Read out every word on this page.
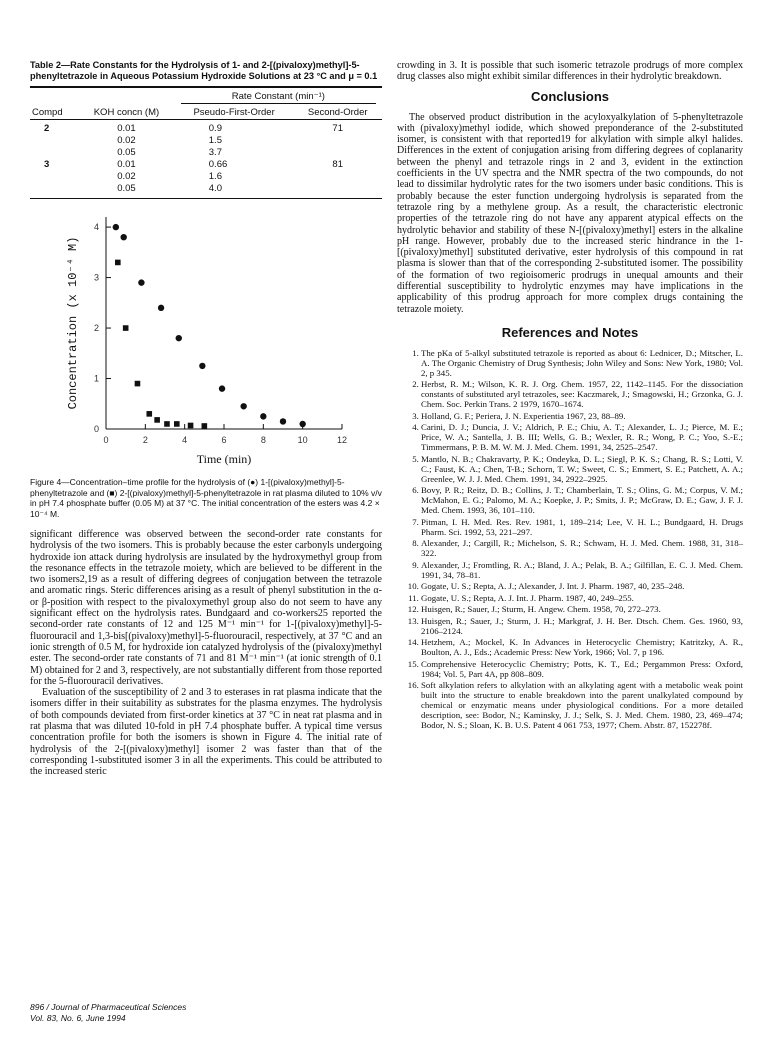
Table 2—Rate Constants for the Hydrolysis of 1- and 2-[(pivaloxy)methyl]-5-phenyltetrazole in Aqueous Potassium Hydroxide Solutions at 23 °C and μ = 0.1
		Rate Constant (min⁻¹)	

Compd	KOH concn (M)	Pseudo-First-Order	Second-Order

2	0.01	0.9	71
	0.02	1.5	
	0.05	3.7	
3	0.01	0.66	81
	0.02	1.6	
	0.05	4.0	

0	2	4	6	8	10	12
0
1
2
3
4
Time (min)
Concentration (x 10⁻⁴ M)
Figure 4—Concentration–time profile for the hydrolysis of (●) 1-[(pivaloxy)methyl]-5-phenyltetrazole and (■) 2-[(pivaloxy)methyl]-5-phenyltetrazole in rat plasma diluted to 10% v/v in pH 7.4 phosphate buffer (0.05 M) at 37 °C. The initial concentration of the esters was 4.2 × 10⁻⁴ M.

significant difference was observed between the second-order rate constants for hydrolysis of the two isomers. This is probably because the ester carbonyls undergoing hydroxide ion attack during hydrolysis are insulated by the hydroxymethyl group from the resonance effects in the tetrazole moiety, which are believed to be different in the two isomers2,19 as a result of differing degrees of conjugation between the tetrazole and aromatic rings. Steric differences arising as a result of phenyl substitution in the α- or β-position with respect to the pivaloxymethyl group also do not seem to have any significant effect on the hydrolysis rates. Bundgaard and co-workers25 reported the second-order rate constants of 12 and 125 M⁻¹ min⁻¹ for 1-[(pivaloxy)methyl]-5-fluorouracil and 1,3-bis[(pivaloxy)methyl]-5-fluorouracil, respectively, at 37 °C and an ionic strength of 0.5 M, for hydroxide ion catalyzed hydrolysis of the (pivaloxy)methyl ester. The second-order rate constants of 71 and 81 M⁻¹ min⁻¹ (at ionic strength of 0.1 M) obtained for 2 and 3, respectively, are not substantially different from those reported for the 5-fluorouracil derivatives.

Evaluation of the susceptibility of 2 and 3 to esterases in rat plasma indicate that the isomers differ in their suitability as substrates for the plasma enzymes. The hydrolysis of both compounds deviated from first-order kinetics at 37 °C in neat rat plasma and in rat plasma that was diluted 10-fold in pH 7.4 phosphate buffer. A typical time versus concentration profile for both the isomers is shown in Figure 4. The initial rate of hydrolysis of the 2-[(pivaloxy)methyl] isomer 2 was faster than that of the corresponding 1-substituted isomer 3 in all the experiments. This could be attributed to the increased steric

crowding in 3. It is possible that such isomeric tetrazole prodrugs of more complex drug classes also might exhibit similar differences in their hydrolytic breakdown.

Conclusions

The observed product distribution in the acyloxyalkylation of 5-phenyltetrazole with (pivaloxy)methyl iodide, which showed preponderance of the 2-substituted isomer, is consistent with that reported19 for alkylation with simple alkyl halides. Differences in the extent of conjugation arising from differing degrees of coplanarity between the phenyl and tetrazole rings in 2 and 3, evident in the extinction coefficients in the UV spectra and the NMR spectra of the two compounds, do not lead to dissimilar hydrolytic rates for the two isomers under basic conditions. This is probably because the ester function undergoing hydrolysis is separated from the tetrazole ring by a methylene group. As a result, the characteristic electronic properties of the tetrazole ring do not have any apparent atypical effects on the hydrolytic behavior and stability of these N-[(pivaloxy)methyl] esters in the alkaline pH range. However, probably due to the increased steric hindrance in the 1-[(pivaloxy)methyl] substituted derivative, ester hydrolysis of this compound in rat plasma is slower than that of the corresponding 2-substituted isomer. The possibility of the formation of two regioisomeric prodrugs in unequal amounts and their differential susceptibility to hydrolytic enzymes may have implications in the applicability of this prodrug approach for more complex drugs containing the tetrazole moiety.

References and Notes
1. The pKa of 5-alkyl substituted tetrazole is reported as about 6: Lednicer, D.; Mitscher, L. A. The Organic Chemistry of Drug Synthesis; John Wiley and Sons: New York, 1980; Vol. 2, p 345.
2. Herbst, R. M.; Wilson, K. R. J. Org. Chem. 1957, 22, 1142–1145. For the dissociation constants of substituted aryl tetrazoles, see: Kaczmarek, J.; Smagowski, H.; Grzonka, G. J. Chem. Soc. Perkin Trans. 2 1979, 1670–1674.
3. Holland, G. F.; Periera, J. N. Experientia 1967, 23, 88–89.
4. Carini, D. J.; Duncia, J. V.; Aldrich, P. E.; Chiu, A. T.; Alexander, L. J.; Pierce, M. E.; Price, W. A.; Santella, J. B. III; Wells, G. B.; Wexler, R. R.; Wong, P. C.; Yoo, S.-E.; Timmermans, P. B. M. W. M. J. Med. Chem. 1991, 34, 2525–2547.
5. Mantlo, N. B.; Chakravarty, P. K.; Ondeyka, D. L.; Siegl, P. K. S.; Chang, R. S.; Lotti, V. C.; Faust, K. A.; Chen, T-B.; Schorn, T. W.; Sweet, C. S.; Emmert, S. E.; Patchett, A. A.; Greenlee, W. J. J. Med. Chem. 1991, 34, 2922–2925.
6. Bovy, P. R.; Reitz, D. B.; Collins, J. T.; Chamberlain, T. S.; Olins, G. M.; Corpus, V. M.; McMahon, E. G.; Palomo, M. A.; Koepke, J. P.; Smits, J. P.; McGraw, D. E.; Gaw, J. F. J. Med. Chem. 1993, 36, 101–110.
7. Pitman, I. H. Med. Res. Rev. 1981, 1, 189–214; Lee, V. H. L.; Bundgaard, H. Drugs Pharm. Sci. 1992, 53, 221–297.
8. Alexander, J.; Cargill, R.; Michelson, S. R.; Schwam, H. J. Med. Chem. 1988, 31, 318–322.
9. Alexander, J.; Fromtling, R. A.; Bland, J. A.; Pelak, B. A.; Gilfillan, E. C. J. Med. Chem. 1991, 34, 78–81.
10. Gogate, U. S.; Repta, A. J.; Alexander, J. Int. J. Pharm. 1987, 40, 235–248.
11. Gogate, U. S.; Repta, A. J. Int. J. Pharm. 1987, 40, 249–255.
12. Huisgen, R.; Sauer, J.; Sturm, H. Angew. Chem. 1958, 70, 272–273.
13. Huisgen, R.; Sauer, J.; Sturm, J. H.; Markgraf, J. H. Ber. Dtsch. Chem. Ges. 1960, 93, 2106–2124.
14. Hetzhem, A.; Mockel, K. In Advances in Heterocyclic Chemistry; Katritzky, A. R., Boulton, A. J., Eds.; Academic Press: New York, 1966; Vol. 7, p 196.
15. Comprehensive Heterocyclic Chemistry; Potts, K. T., Ed.; Pergammon Press: Oxford, 1984; Vol. 5, Part 4A, pp 808–809.
16. Soft alkylation refers to alkylation with an alkylating agent with a metabolic weak point built into the structure to enable breakdown into the parent unalkylated compound by chemical or enzymatic means under physiological conditions. For a more detailed description, see: Bodor, N.; Kaminsky, J. J.; Selk, S. J. Med. Chem. 1980, 23, 469–474; Bodor, N. S.; Sloan, K. B. U.S. Patent 4 061 753, 1977; Chem. Abstr. 87, 152278f.
896 / Journal of Pharmaceutical Sciences
Vol. 83, No. 6, June 1994
